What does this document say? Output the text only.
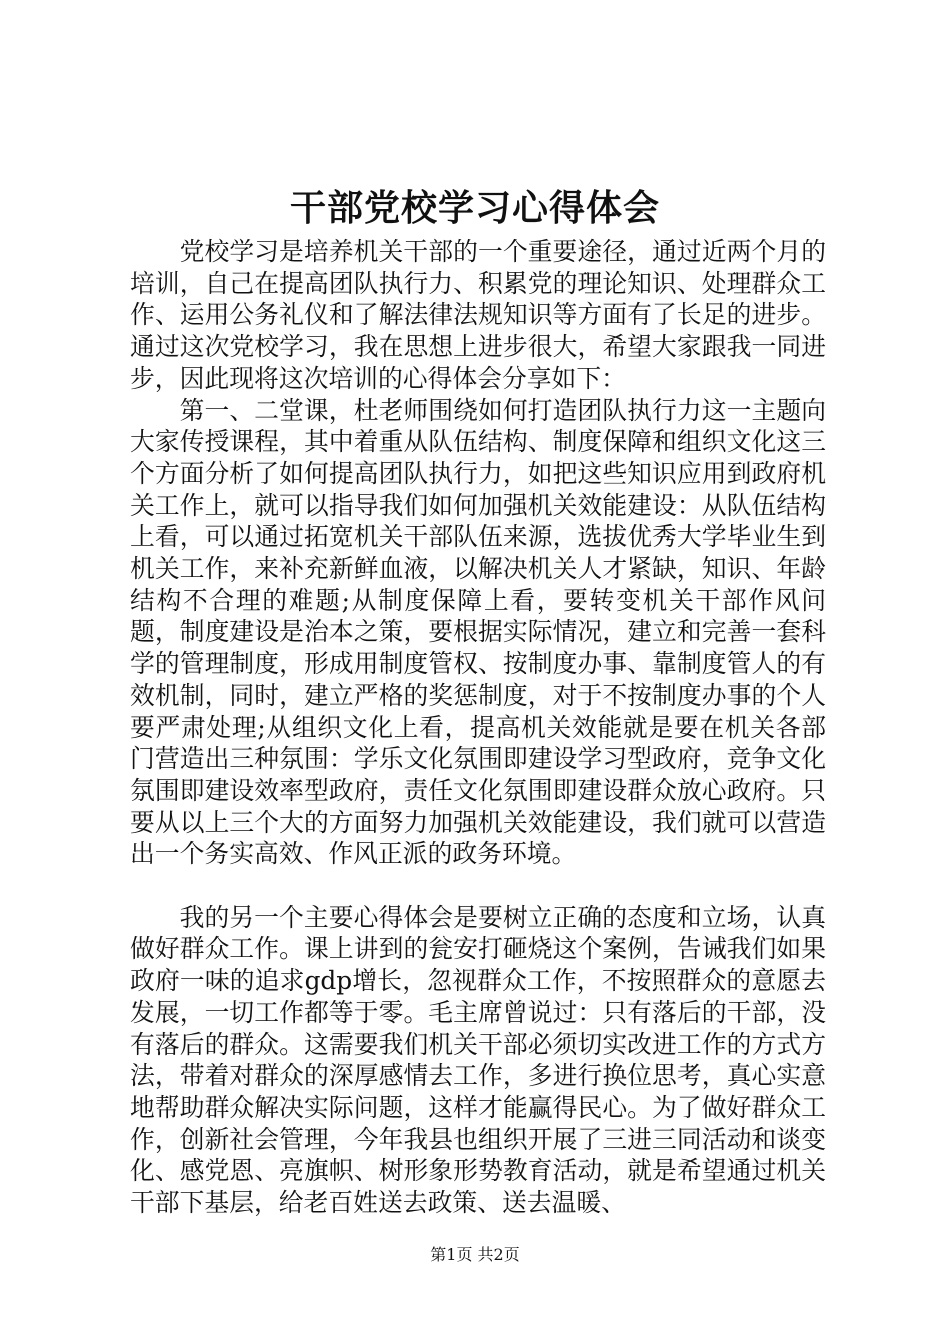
干部党校学习心得体会

党校学习是培养机关干部的一个重要途径，通过近两个月的培训，自己在提高团队执行力、积累党的理论知识、处理群众工作、运用公务礼仪和了解法律法规知识等方面有了长足的进步。通过这次党校学习，我在思想上进步很大，希望大家跟我一同进步，因此现将这次培训的心得体会分享如下：

第一、二堂课，杜老师围绕如何打造团队执行力这一主题向大家传授课程，其中着重从队伍结构、制度保障和组织文化这三个方面分析了如何提高团队执行力，如把这些知识应用到政府机关工作上，就可以指导我们如何加强机关效能建设：从队伍结构上看，可以通过拓宽机关干部队伍来源，选拔优秀大学毕业生到机关工作，来补充新鲜血液，以解决机关人才紧缺，知识、年龄结构不合理的难题;从制度保障上看，要转变机关干部作风问题，制度建设是治本之策，要根据实际情况，建立和完善一套科学的管理制度，形成用制度管权、按制度办事、靠制度管人的有效机制，同时，建立严格的奖惩制度，对于不按制度办事的个人要严肃处理;从组织文化上看，提高机关效能就是要在机关各部门营造出三种氛围：学乐文化氛围即建设学习型政府，竞争文化氛围即建设效率型政府，责任文化氛围即建设群众放心政府。只要从以上三个大的方面努力加强机关效能建设，我们就可以营造出一个务实高效、作风正派的政务环境。

我的另一个主要心得体会是要树立正确的态度和立场，认真做好群众工作。课上讲到的瓮安打砸烧这个案例，告诫我们如果政府一味的追求gdp增长，忽视群众工作，不按照群众的意愿去发展，一切工作都等于零。毛主席曾说过：只有落后的干部，没有落后的群众。这需要我们机关干部必须切实改进工作的方式方法，带着对群众的深厚感情去工作，多进行换位思考，真心实意地帮助群众解决实际问题，这样才能赢得民心。为了做好群众工作，创新社会管理，今年我县也组织开展了三进三同活动和谈变化、感党恩、亮旗帜、树形象形势教育活动，就是希望通过机关干部下基层，给老百姓送去政策、送去温暖、

第1页 共2页
